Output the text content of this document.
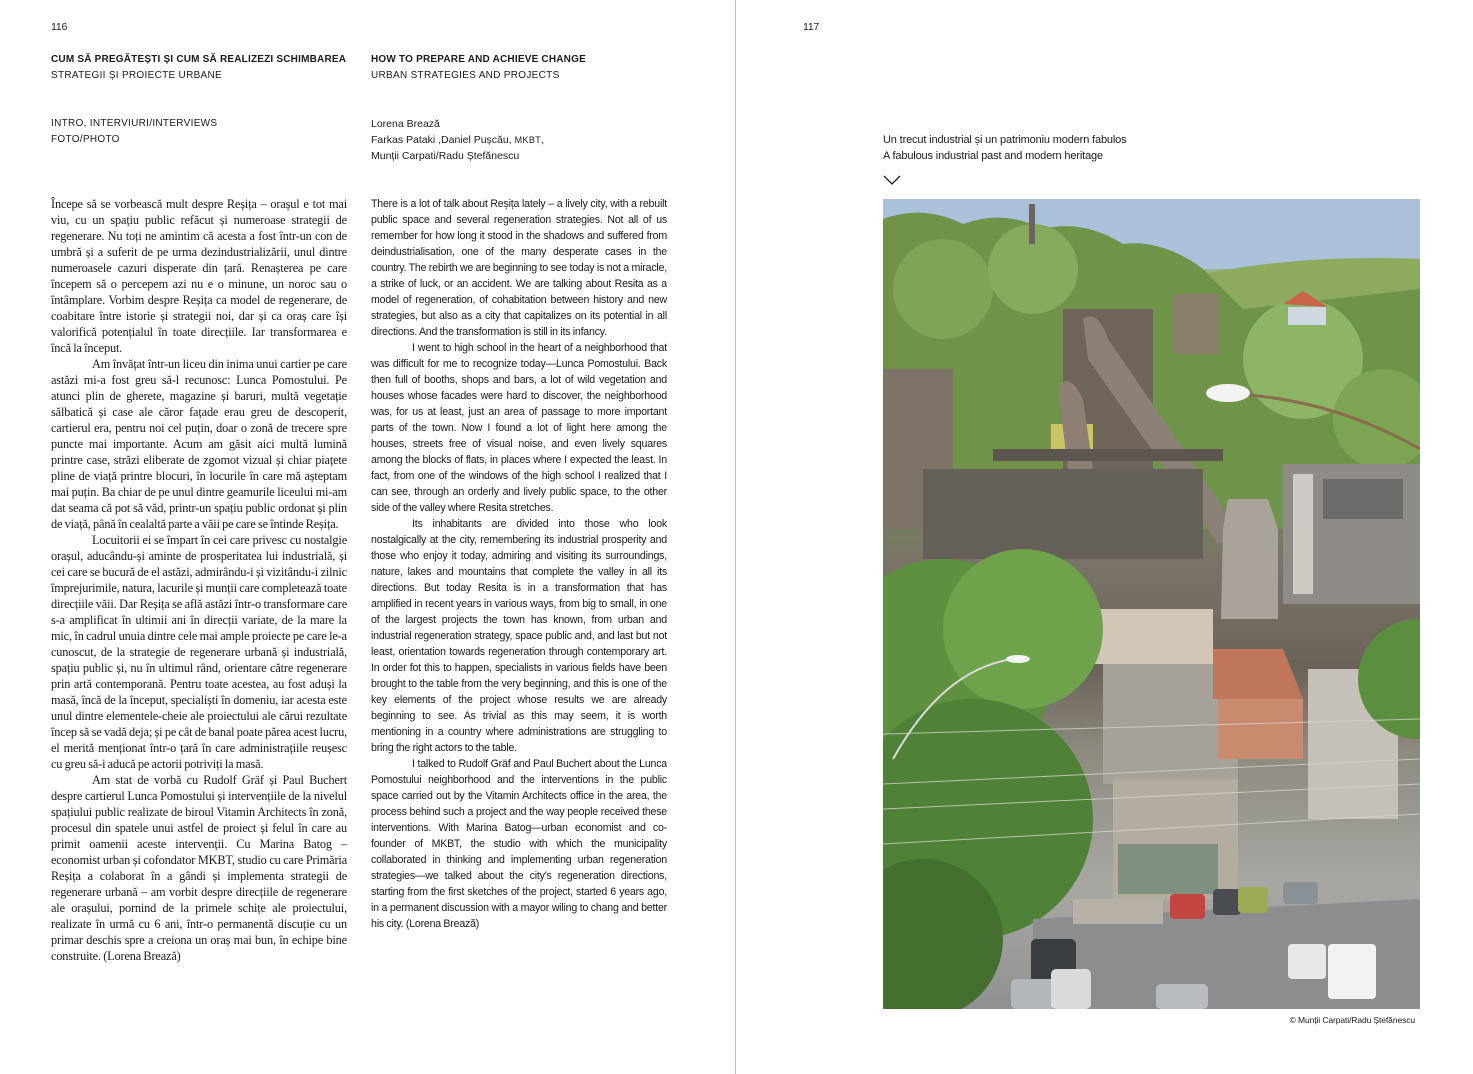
116
CUM SĂ PREGĂTEȘTI ȘI CUM SĂ REALIZEZI SCHIMBAREA
STRATEGII ȘI PROIECTE URBANE
HOW TO PREPARE AND ACHIEVE CHANGE
URBAN STRATEGIES AND PROJECTS
INTRO, INTERVIURI/INTERVIEWS
FOTO/PHOTO
Lorena Brează
Farkas Pataki ,Daniel Pușcău, MKBT,
Munții Carpati/Radu Ștefănescu

Începe să se vorbească mult despre Reșița – orașul e tot mai viu, cu un spațiu public refăcut și numeroase strategii de regenerare. Nu toți ne amintim că acesta a fost într-un con de umbră și a suferit de pe urma dezindustrializării, unul dintre numeroasele cazuri disperate din țară. Renașterea pe care începem să o percepem azi nu e o minune, un noroc sau o întâmplare. Vorbim despre Reșița ca model de regenerare, de coabitare între istorie și strategii noi, dar și ca oraș care își valorifică potențialul în toate direcțiile. Iar transformarea e încă la început.

Am învățat într-un liceu din inima unui cartier pe care astăzi mi-a fost greu să-l recunosc: Lunca Pomostului. Pe atunci plin de gherete, magazine și baruri, multă vegetație sălbatică și case ale căror fațade erau greu de descoperit, cartierul era, pentru noi cel puțin, doar o zonă de trecere spre puncte mai importante. Acum am găsit aici multă lumină printre case, străzi eliberate de zgomot vizual și chiar piațete pline de viață printre blocuri, în locurile în care mă așteptam mai puțin. Ba chiar de pe unul dintre geamurile liceului mi-am dat seama că pot să văd, printr-un spațiu public ordonat și plin de viață, până în cealaltă parte a văii pe care se întinde Reșița.

Locuitorii ei se împart în cei care privesc cu nostalgie orașul, aducându-și aminte de prosperitatea lui industrială, și cei care se bucură de el astăzi, admirându-i și vizitându-i zilnic împrejurimile, natura, lacurile și munții care completează toate direcțiile văii. Dar Reșița se află astăzi într-o transformare care s-a amplificat în ultimii ani în direcții variate, de la mare la mic, în cadrul unuia dintre cele mai ample proiecte pe care le-a cunoscut, de la strategie de regenerare urbană și industrială, spațiu public și, nu în ultimul rând, orientare către regenerare prin artă contemporană. Pentru toate acestea, au fost aduși la masă, încă de la început, specialiști în domeniu, iar acesta este unul dintre elementele-cheie ale proiectului ale cărui rezultate încep să se vadă deja; și pe cât de banal poate părea acest lucru, el merită menționat într-o țară în care administrațiile reușesc cu greu să-i aducă pe actorii potriviți la masă.

Am stat de vorbă cu Rudolf Gräf și Paul Buchert despre cartierul Lunca Pomostului și intervențiile de la nivelul spațiului public realizate de biroul Vitamin Architects în zonă, procesul din spatele unui astfel de proiect și felul în care au primit oamenii aceste intervenții. Cu Marina Batog – economist urban și cofondator MKBT, studio cu care Primăria Reșița a colaborat în a gândi și implementa strategii de regenerare urbană – am vorbit despre direcțiile de regenerare ale orașului, pornind de la primele schițe ale proiectului, realizate în urmă cu 6 ani, într-o permanentă discuție cu un primar deschis spre a creiona un oraș mai bun, în echipe bine construite. (Lorena Brează)

There is a lot of talk about Reșița lately – a lively city, with a rebuilt public space and several regeneration strategies. Not all of us remember for how long it stood in the shadows and suffered from deindustrialisation, one of the many desperate cases in the country. The rebirth we are beginning to see today is not a miracle, a strike of luck, or an accident. We are talking about Resita as a model of regeneration, of cohabitation between history and new strategies, but also as a city that capitalizes on its potential in all directions. And the transformation is still in its infancy.

I went to high school in the heart of a neighborhood that was difficult for me to recognize today—Lunca Pomostului. Back then full of booths, shops and bars, a lot of wild vegetation and houses whose facades were hard to discover, the neighborhood was, for us at least, just an area of passage to more important parts of the town. Now I found a lot of light here among the houses, streets free of visual noise, and even lively squares among the blocks of flats, in places where I expected the least. In fact, from one of the windows of the high school I realized that I can see, through an orderly and lively public space, to the other side of the valley where Resita stretches.

Its inhabitants are divided into those who look nostalgically at the city, remembering its industrial prosperity and those who enjoy it today, admiring and visiting its surroundings, nature, lakes and mountains that complete the valley in all its directions. But today Resita is in a transformation that has amplified in recent years in various ways, from big to small, in one of the largest projects the town has known, from urban and industrial regeneration strategy, space public and, and last but not least, orientation towards regeneration through contemporary art. In order fot this to happen, specialists in various fields have been brought to the table from the very beginning, and this is one of the key elements of the project whose results we are already beginning to see. As trivial as this may seem, it is worth mentioning in a country where administrations are struggling to bring the right actors to the table.

I talked to Rudolf Gräf and Paul Buchert about the Lunca Pomostului neighborhood and the interventions in the public space carried out by the Vitamin Architects office in the area, the process behind such a project and the way people received these interventions. With Marina Batog—urban economist and co-founder of MKBT, the studio with which the municipality collaborated in thinking and implementing urban regeneration strategies—we talked about the city's regeneration directions, starting from the first sketches of the project, started 6 years ago, in a permanent discussion with a mayor wiling to chang and better his city. (Lorena Brează)

117
Un trecut industrial și un patrimoniu modern fabulos
A fabulous industrial past and modern heritage
© Munții Carpati/Radu Ștefănescu
